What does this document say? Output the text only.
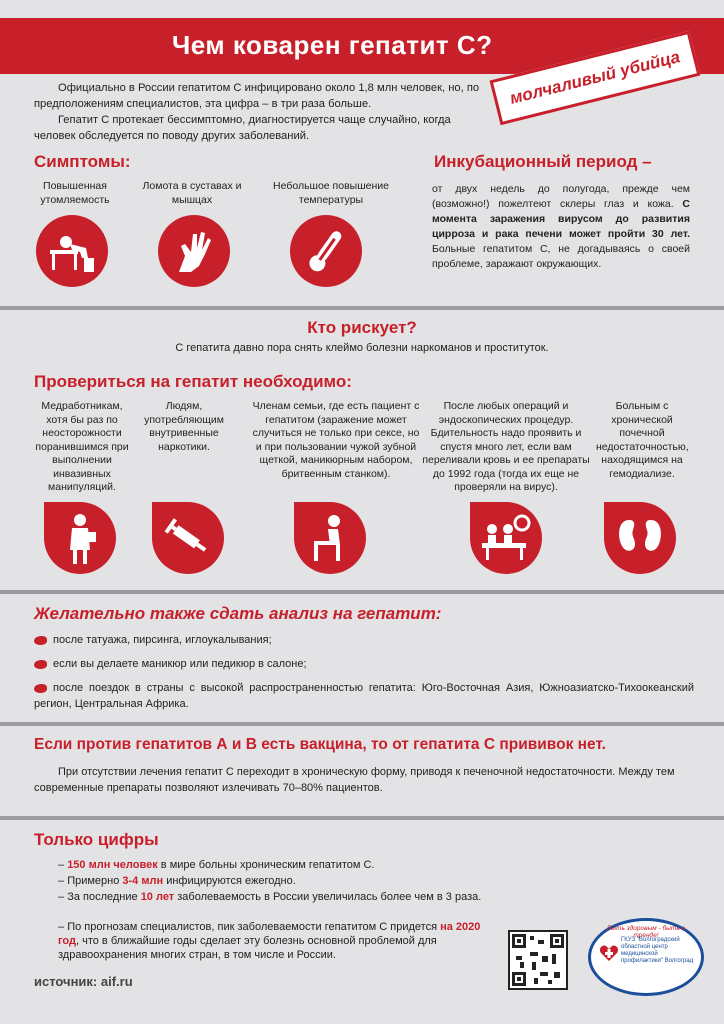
Чем коварен гепатит С?
молчаливый убийца
Официально в России гепатитом С инфицировано около 1,8 млн человек, но, по предположениям специалистов, эта цифра – в три раза больше.
Гепатит С протекает бессимптомно, диагностируется чаще случайно, когда человек обследуется по поводу других заболеваний.
Симптомы:
Повышенная утомляемость
Ломота в суставах и мышцах
Небольшое повышение температуры
Инкубационный период –
от двух недель до полугода, прежде чем (возможно!) пожелтеют склеры глаз и кожа. С момента заражения вирусом до развития цирроза и рака печени может пройти 30 лет. Больные гепатитом С, не догадываясь о своей проблеме, заражают окружающих.
Кто рискует?
С гепатита давно пора снять клеймо болезни наркоманов и проституток.
Провериться на гепатит необходимо:
Медработникам, хотя бы раз по неосторожности поранившимся при выполнении инвазивных манипуляций.
Людям, употребляющим внутривенные наркотики.
Членам семьи, где есть пациент с гепатитом (заражение может случиться не только при сексе, но и при пользовании чужой зубной щеткой, маникюрным набором, бритвенным станком).
После любых операций и эндоскопических процедур. Бдительность надо проявить и спустя много лет, если вам переливали кровь и ее препараты до 1992 года (тогда их еще не проверяли на вирус).
Больным с хронической почечной недостаточностью, находящимся на гемодиализе.
Желательно также сдать анализ на гепатит:
после татуажа, пирсинга, иглоукалывания;
если вы делаете маникюр или педикюр в салоне;
после поездок в страны с высокой распространенностью гепатита: Юго-Восточная Азия, Южноазиатско-Тихоокеанский регион, Центральная Африка.
Если против гепатитов А и В есть вакцина, то от гепатита С прививок нет.
При отсутствии лечения гепатит С переходит в хроническую форму, приводя к печеночной недостаточности. Между тем современные препараты позволяют излечивать 70–80% пациентов.
Только цифры
– 150 млн человек в мире больны хроническим гепатитом С.
– Примерно 3-4 млн инфицируются ежегодно.
– За последние 10 лет заболеваемость в России увеличилась более чем в 3 раза.
– По прогнозам специалистов, пик заболеваемости гепатитом С придется на 2020 год, что в ближайшие годы сделает эту болезнь основной проблемой для здравоохранения многих стран, в том числе и России.
источник: aif.ru
Быть здоровым - быть в тренде!
ГКУЗ "Волгоградский областной центр медицинской профилактики" Волгоград
